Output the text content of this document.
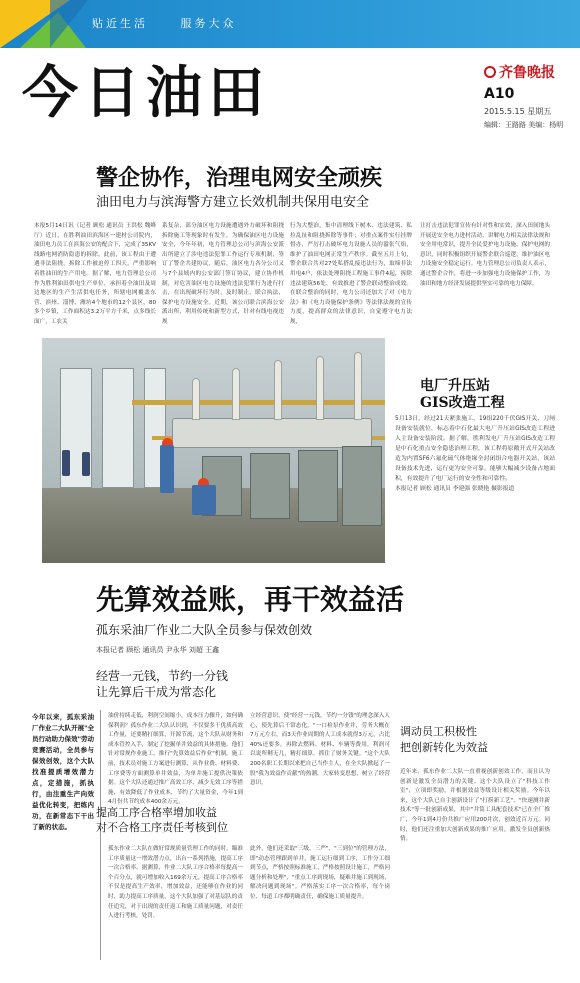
贴近生活	服务大众
今日油田	齐鲁晚报
A10
2015.5.15 星期五
编辑：王路路 美编：杨明
警企协作，治理电网安全顽疾
油田电力与滨海警方建立长效机制共保用电安全
本报5月14日讯（记者 顾松 通讯员 王洪松 魏峰厅）近日，在胜利油田滨海区一建材公司院内，油田电力员工在滨海公安的配合下，完成了35KV线路电网消防隐患的拆除。此前，该工程由于遭遇非法阻挠，拆除工作被迫停工四天，严重影响着胜油田的生产用电。据了解，电力管理总公司作为胜利油田供电生产单位，承担着全油田及周边地区的生产生活供电任务，所辖电网覆盖东营、滨州、淄博、潍坊4个地市的12个县区，80多个乡镇，工作面积达3.2万平方千米，点多线长面广，工农关
系复杂，部分油区电力设施遭遇外力破坏和阻挠拆除施工等现象时有发生。为确保油区电力设施安全，今年年初，电力管理总公司与滨海公安派出所建立了涉电违法犯罪工作运行专项机制，签订了警企共建协议，随后，油区电力各分公司又与7个县域内的公安部门签订协议，建立协作机制，对危害油区电力设施的违法犯罪行为进行打击，在出现破坏行为时，及时制止，联合执法，保护电力设施安全。近期，该公司联合滨海公安派出所，利用传统和新型方式，针对有线电视违规
行为大整治，集中清理线下树木、违法建筑、私拉乱扯和阻挠拆除等事件；对重点案件实行挂牌督办，严厉打击破坏电力设施人员的嚣张气焰，维护了油田电网正常生产秩序。截至五月上旬，警企联合共对27处私搭乱接违法行为，取缔非法用电4户，依法处理阻挠工程施工事件4起，拆除违法建筑56处，有效推进了警企联动整治成效。在联合整治的同时，电力公司还加大了对《电力法》和《电力设施保护条例》等法律法规的宣传力度，提高群众的法律意识，自觉遵守电力法规，
让打击违法犯罪宣传有针对性和实效，深入田间地头开展送安全电力进村活动，讲解电力相关法律法规和安全用电常识，提升全民爱护电力设施、保护电网的意识，同时积极组织开展警企联合巡逻，维护油区电力设施安全稳定运行。电力管理总公司负责人表示，通过警企合作，将进一步加强电力设施保护工作，为油田和地方经济发展提供坚实可靠的电力保障。
电厂升压站
GIS改造工程
5月13日，经过21天紧张施工，19组220千伏GIS开关、刀闸设备安装就位，标志着中石化最大电厂升压站GIS改造工程进入主设备安装阶段。据了解，胜利发电厂升压站GIS改造工程是中石化重点安全隐患治理工程，该工程将原敞开式开关站改造为内置SF6六氟化硫气体绝缘全封闭组合电器开关站，该站设备技术先进，运行更为安全可靠，能够大幅减少设备占地面积，有效提升了电厂运行的安全性和可靠性。
本报记者 顾松 通讯员 李建强 张晓艳 摄影报道
先算效益账，再干效益活
孤东采油厂作业二大队全员参与保效创效
本报记者 顾松 通讯员 尹永华 刘超 王鑫
经营一元钱，节约一分钱
让先算后干成为常态化
今年以来，孤东采油厂作业二大队开展"全员行动助力保效"劳动竞赛活动，全员参与保效创效，这个大队找准提质增效潜力点，定措施，抓执行，由注重生产向效益优化转变，把练内功，在新常态下干出了新的状态。
油价持续走低，利润空间缩小，成本压力骤升，如何确保利润？孤东作业二大队认识到，不仅要多干优质高效工作量，还要精打细算，开源节流，这个大队从财务和成本管控入手，制定了挖掘单井效益的具体措施。他们针对常规作业施工，推行"先算效益后作业"机制，施工前，技术员对施工方案进行测算，从作业费、材料费、工序费等方面测算单井效益，为单井施工提供决策依据。这个大队还通过推广高效工序、减少无效工序等措施，有效降低了作业成本，节约了大量资金，今年1到4月份共节约成本400余万元。
立经营意识，使"经营一元钱，节约一分钱"的理念深入人心，使先算后干常态化。"一口检泵作业井，劳务大概在7万元左右，而3天作业周期的人工成本就得3万元，占比40%还要多，再除去燃料、材料、车辆等费用，利润可以说所剩无几，精打细算，抓住了财务关键。"这个大队200名职工长期以来把自己当作主人，在全大队掀起了一股"我为效益作贡献"的热潮，大家转变思想，树立了经营意识。
提高工序合格率增加收益
对不合格工序责任考核到位
孤东作业二大队在做好常规质量管理工作的同时，瞄准工序质量这一增效潜力点，出台一系列措施，提高工序一次合格率。据测算，作业二大队工序合格率每提高一个百分点，就可增加收入169余万元。提高工序合格率不仅是提高生产效率，增加效益，还能够在作业的同时，助力提高工序质量。这个大队加强了对基层队的责任追究，对于出现的责任返工和施工质量问题，对责任人进行考核，处罚。
此外，他们还采取"三级、三严"、"三到位"的管理方法，即"动态管理跟到单井，施工运行细到工序，工作分工细到节点，严格按照标准施工，严格按照设计施工，严格问题分析和处理"，"重点工序到现场，疑难井施工到现场，解决问题到现场"。严格落实工序一次合格率，每个岗位、每道工序都明确责任，确保施工质量提升。
调动员工积极性
把创新转化为效益
近年来，孤东作业二大队一直重视创新创效工作，而且认为创新是激发全员潜力的关键。这个大队设立了"科技工作室"，立项即奖励，并根据效益等级设计相关奖励。今年以来，这个大队已自主创新设计了"打捞新工艺"、"快速测井新技术"等一批创新成果，其中"井筒工具配套技术"已在全厂推广，今年1到4月份共推广应用200井次，创效近百万元。同时，他们还注重加大创新成果的推广应用，激发全员创新热情。
